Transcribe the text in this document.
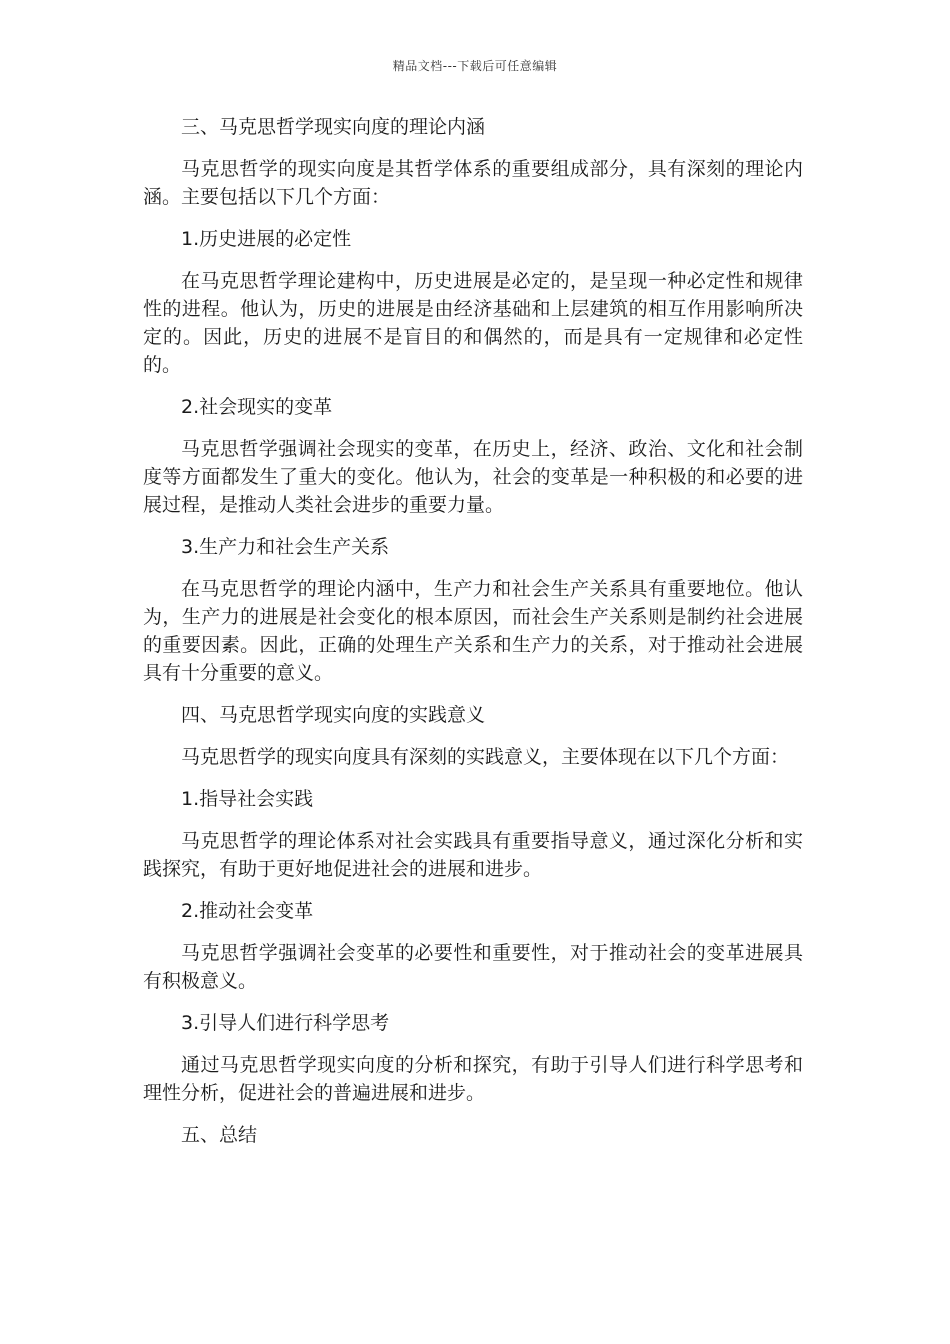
精品文档---下载后可任意编辑

三、马克思哲学现实向度的理论内涵

马克思哲学的现实向度是其哲学体系的重要组成部分，具有深刻的理论内涵。主要包括以下几个方面：

1.历史进展的必定性

在马克思哲学理论建构中，历史进展是必定的，是呈现一种必定性和规律性的进程。他认为，历史的进展是由经济基础和上层建筑的相互作用影响所决定的。因此，历史的进展不是盲目的和偶然的，而是具有一定规律和必定性的。

2.社会现实的变革

马克思哲学强调社会现实的变革，在历史上，经济、政治、文化和社会制度等方面都发生了重大的变化。他认为，社会的变革是一种积极的和必要的进展过程，是推动人类社会进步的重要力量。

3.生产力和社会生产关系

在马克思哲学的理论内涵中，生产力和社会生产关系具有重要地位。他认为，生产力的进展是社会变化的根本原因，而社会生产关系则是制约社会进展的重要因素。因此，正确的处理生产关系和生产力的关系，对于推动社会进展具有十分重要的意义。

四、马克思哲学现实向度的实践意义

马克思哲学的现实向度具有深刻的实践意义，主要体现在以下几个方面：

1.指导社会实践

马克思哲学的理论体系对社会实践具有重要指导意义，通过深化分析和实践探究，有助于更好地促进社会的进展和进步。

2.推动社会变革

马克思哲学强调社会变革的必要性和重要性，对于推动社会的变革进展具有积极意义。

3.引导人们进行科学思考

通过马克思哲学现实向度的分析和探究，有助于引导人们进行科学思考和理性分析，促进社会的普遍进展和进步。

五、总结
